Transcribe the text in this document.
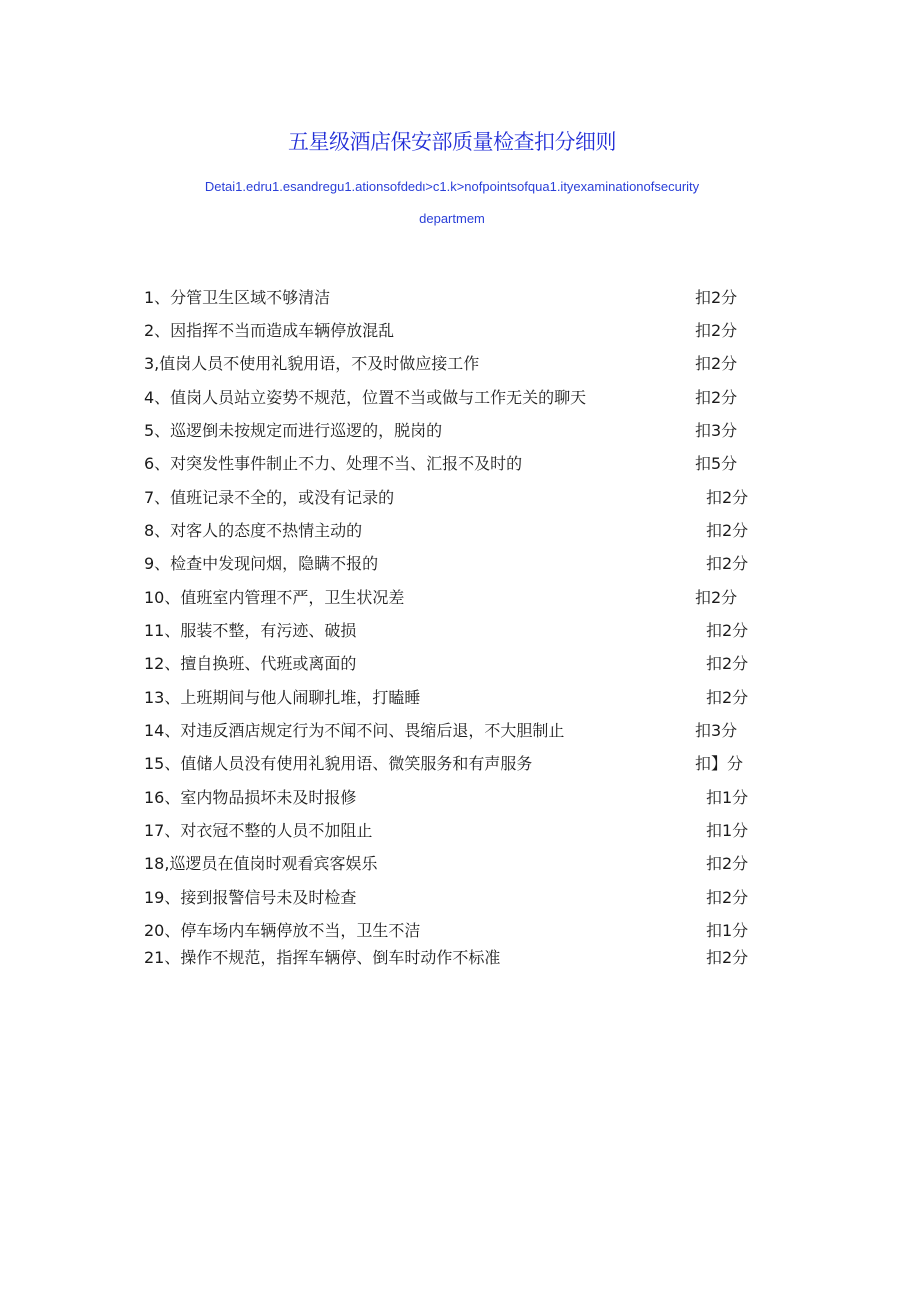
五星级酒店保安部质量检查扣分细则
Detai1.edru1.esandregu1.ationsofdedι>c1.k>nofpointsofqua1.ityexaminationofsecurity
departmem
1、分管卫生区域不够清洁	扣2分
2、因指挥不当而造成车辆停放混乱	扣2分
3,值岗人员不使用礼貌用语，不及时做应接工作	扣2分
4、值岗人员站立姿势不规范，位置不当或做与工作无关的聊天	扣2分
5、巡逻倒未按规定而进行巡逻的，脱岗的	扣3分
6、对突发性事件制止不力、处理不当、汇报不及时的	扣5分
7、值班记录不全的，或没有记录的	扣2分
8、对客人的态度不热情主动的	扣2分
9、检查中发现问烟，隐瞒不报的	扣2分
10、值班室内管理不严，卫生状况差	扣2分
11、服装不整，有污迹、破损	扣2分
12、擅自换班、代班或离面的	扣2分
13、上班期间与他人闹聊扎堆，打瞌睡	扣2分
14、对违反酒店规定行为不闻不问、畏缩后退，不大胆制止	扣3分
15、值储人员没有使用礼貌用语、微笑服务和有声服务	扣】分
16、室内物品损坏未及时报修	扣1分
17、对衣冠不整的人员不加阻止	扣1分
18,巡逻员在值岗时观看宾客娱乐	扣2分
19、接到报警信号未及时检查	扣2分
20、停车场内车辆停放不当，卫生不洁	扣1分
21、操作不规范，指挥车辆停、倒车时动作不标准	扣2分
